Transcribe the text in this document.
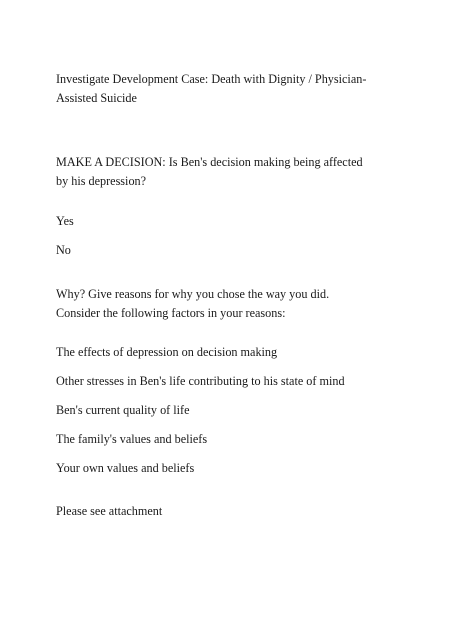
Investigate Development Case: Death with Dignity / Physician-
Assisted Suicide
MAKE A DECISION: Is Ben's decision making being affected
by his depression?
Yes
No
Why? Give reasons for why you chose the way you did.
Consider the following factors in your reasons:
The effects of depression on decision making
Other stresses in Ben's life contributing to his state of mind
Ben's current quality of life
The family's values and beliefs
Your own values and beliefs
Please see attachment
